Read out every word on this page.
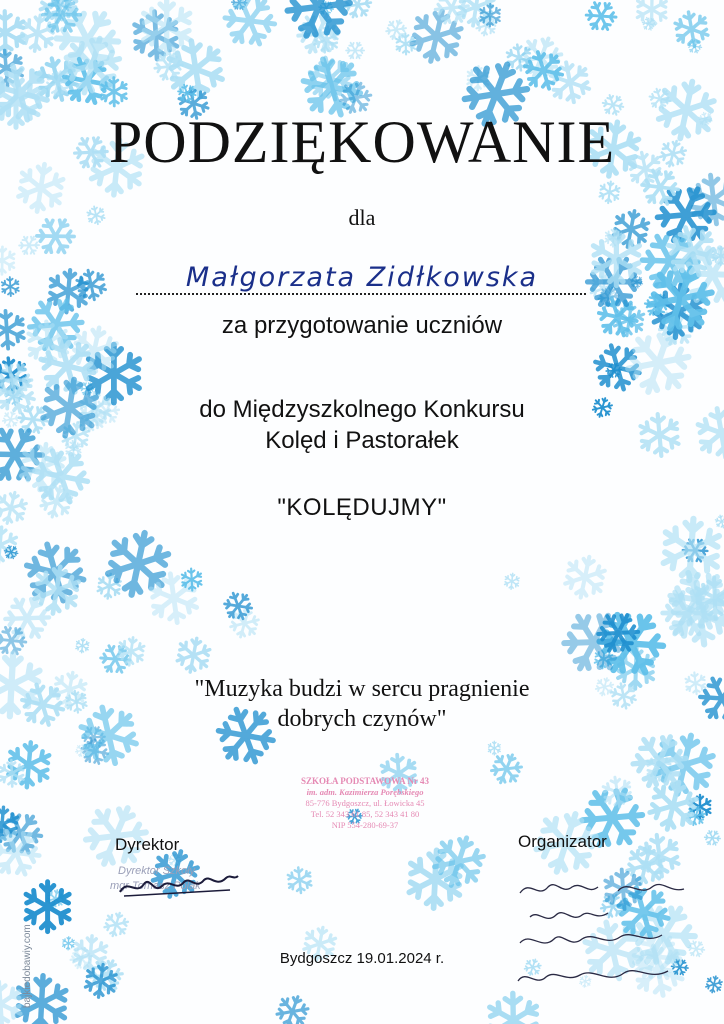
PODZIĘKOWANIE
dla
Małgorzata Zidłkowska
za przygotowanie uczniów
do Międzyszkolnego Konkursu
Kolęd i Pastorałek
"KOLĘDUJMY"
"Muzyka budzi w sercu pragnienie
dobrych czynów"
SZKOŁA PODSTAWOWA Nr 43
im. adm. Kazimierza Porębskiego
85-776 Bydgoszcz, ul. Łowicka 45
Tel. 52 343 61 85, 52 343 41 80
NIP 554-280-69-37
Dyrektor	Organizator
Dyrektor Szkoły
mgr Tomasz Polak
Bydgoszcz 19.01.2024 r.
bajkiedobawiy.com
